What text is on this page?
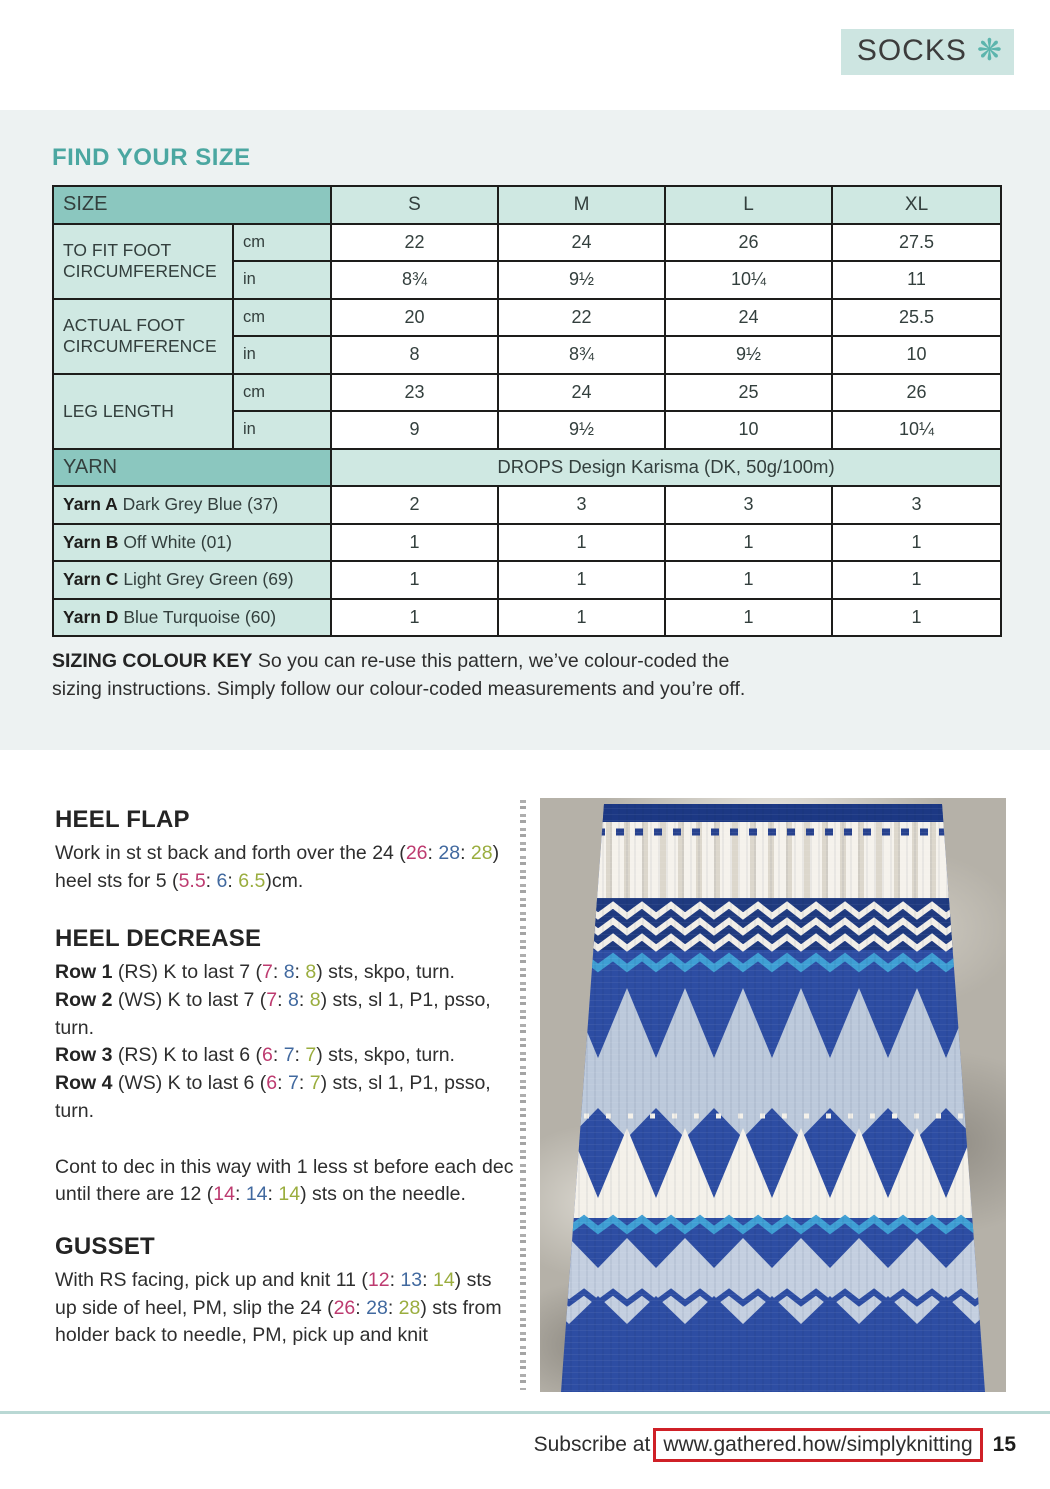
SOCKS ❋
FIND YOUR SIZE
SIZE		S	M	L	XL
TO FIT FOOT CIRCUMFERENCE	cm	22	24	26	27.5
	in	8¾	9½	10¼	11
ACTUAL FOOT CIRCUMFERENCE	cm	20	22	24	25.5
	in	8	8¾	9½	10
LEG LENGTH	cm	23	24	25	26
	in	9	9½	10	10¼
YARN		DROPS Design Karisma (DK, 50g/100m)			
Yarn A Dark Grey Blue (37)		2	3	3	3
Yarn B Off White (01)		1	1	1	1
Yarn C Light Grey Green (69)		1	1	1	1
Yarn D Blue Turquoise (60)		1	1	1	1
SIZING COLOUR KEY So you can re-use this pattern, we’ve colour-coded the sizing instructions. Simply follow our colour-coded measurements and you’re off.
HEEL FLAP

Work in st st back and forth over the 24 (26: 28: 28) heel sts for 5 (5.5: 6: 6.5)cm.

HEEL DECREASE

Row 1 (RS) K to last 7 (7: 8: 8) sts, skpo, turn.

Row 2 (WS) K to last 7 (7: 8: 8) sts, sl 1, P1, psso, turn.

Row 3 (RS) K to last 6 (6: 7: 7) sts, skpo, turn.

Row 4 (WS) K to last 6 (6: 7: 7) sts, sl 1, P1, psso, turn.

Cont to dec in this way with 1 less st before each dec until there are 12 (14: 14: 14) sts on the needle.

GUSSET

With RS facing, pick up and knit 11 (12: 13: 14) sts up side of heel, PM, slip the 24 (26: 28: 28) sts from holder back to needle, PM, pick up and knit

Subscribe at www.gathered.how/simplyknitting 15
